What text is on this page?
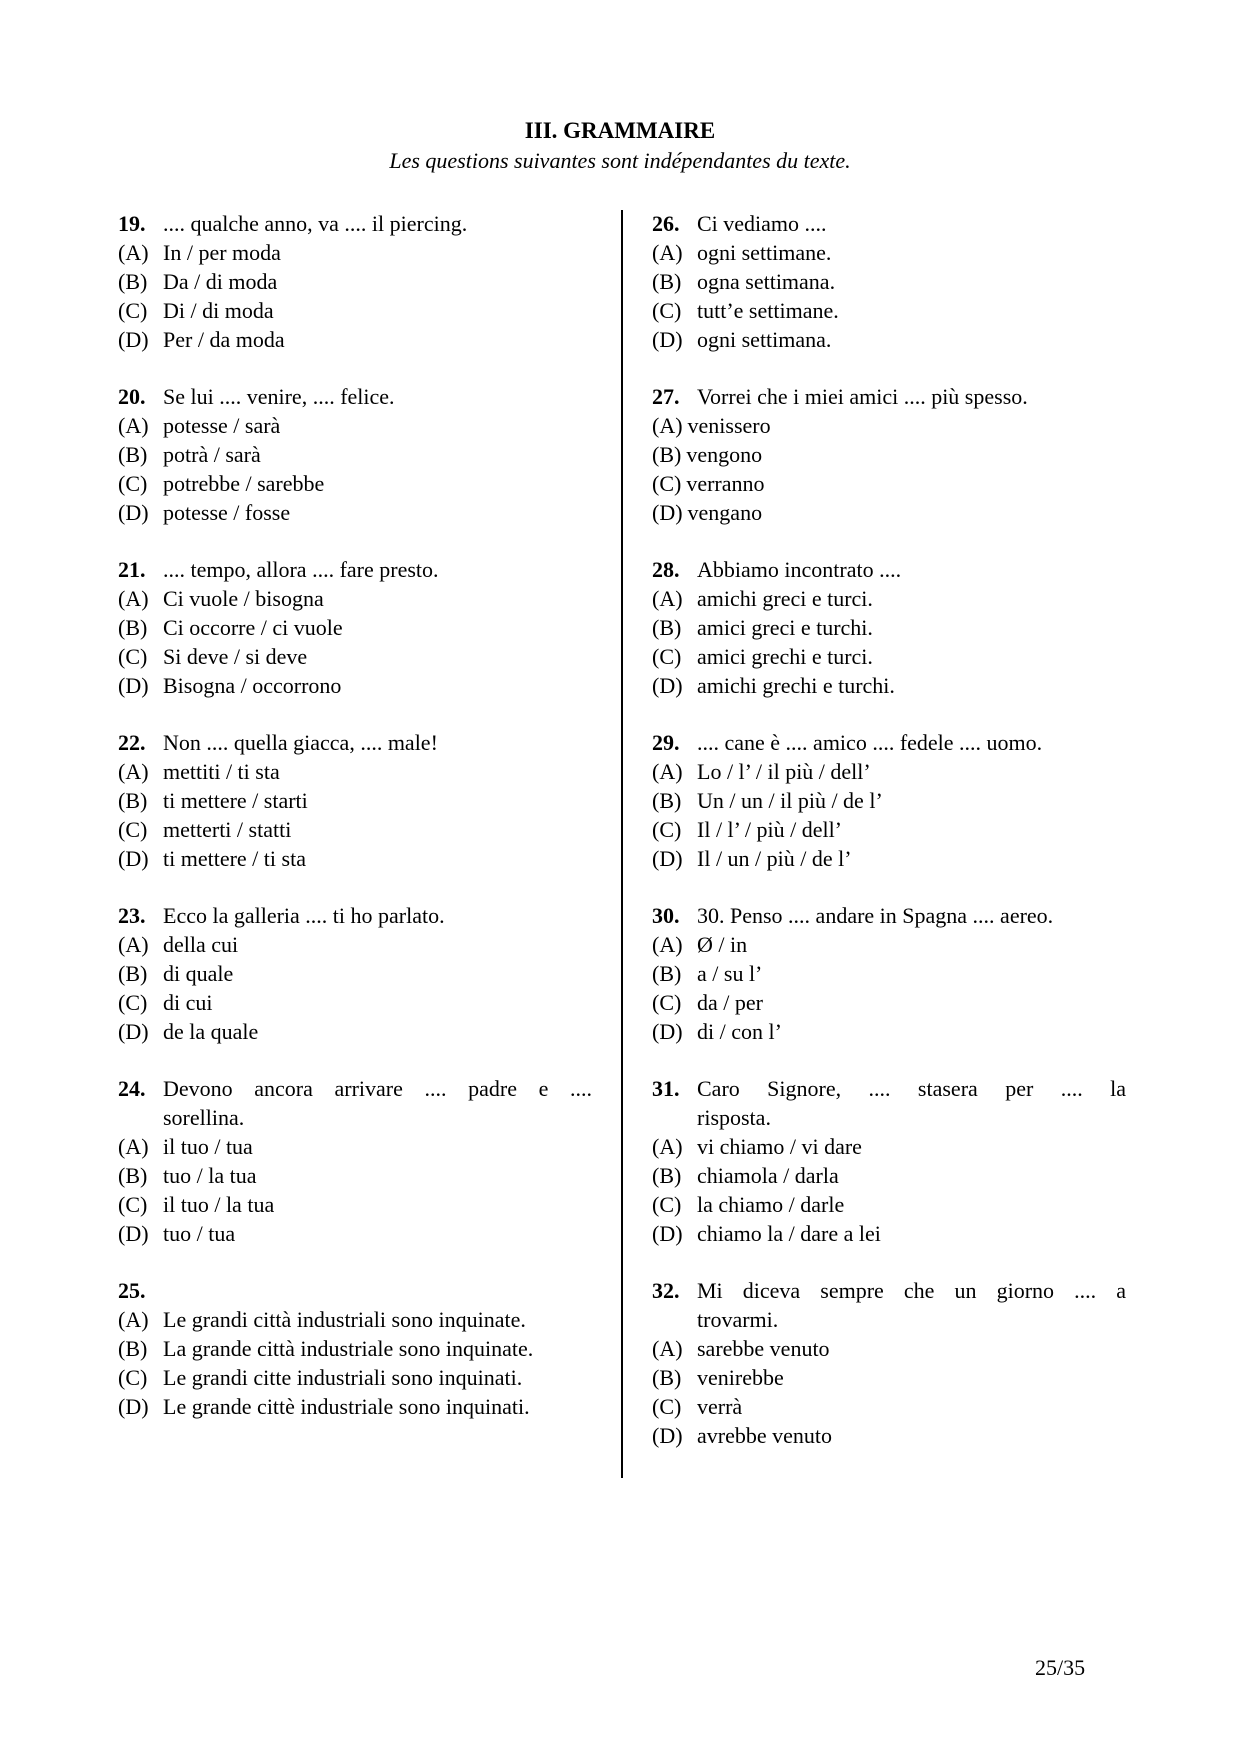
III. GRAMMAIRE
Les questions suivantes sont indépendantes du texte.
19. .... qualche anno, va .... il piercing.
(A) In / per moda
(B) Da / di moda
(C) Di / di moda
(D) Per / da moda
20. Se lui .... venire, .... felice.
(A) potesse / sarà
(B) potrà / sarà
(C) potrebbe / sarebbe
(D) potesse / fosse
21. .... tempo, allora .... fare presto.
(A) Ci vuole / bisogna
(B) Ci occorre / ci vuole
(C) Si deve / si deve
(D) Bisogna / occorrono
22. Non .... quella giacca, .... male!
(A) mettiti / ti sta
(B) ti mettere / starti
(C) metterti / statti
(D) ti mettere / ti sta
23. Ecco la galleria .... ti ho parlato.
(A) della cui
(B) di quale
(C) di cui
(D) de la quale
24. Devono ancora arrivare .... padre e ....
sorellina.
(A) il tuo / tua
(B) tuo / la tua
(C) il tuo / la tua
(D) tuo / tua
25.
(A) Le grandi città industriali sono inquinate.
(B) La grande città industriale sono inquinate.
(C) Le grandi citte industriali sono inquinati.
(D) Le grande cittè industriale sono inquinati.
26. Ci vediamo ....
(A) ogni settimane.
(B) ogna settimana.
(C) tutt’e settimane.
(D) ogni settimana.
27. Vorrei che i miei amici .... più spesso.
(A) venissero
(B) vengono
(C) verranno
(D) vengano
28. Abbiamo incontrato ....
(A) amichi greci e turci.
(B) amici greci e turchi.
(C) amici grechi e turci.
(D) amichi grechi e turchi.
29. .... cane è .... amico .... fedele .... uomo.
(A) Lo / l’ / il più / dell’
(B) Un / un / il più / de l’
(C) Il / l’ / più / dell’
(D) Il / un / più / de l’
30. 30. Penso .... andare in Spagna .... aereo.
(A) Ø / in
(B) a / su l’
(C) da / per
(D) di / con l’
31. Caro Signore, .... stasera per .... la
risposta.
(A) vi chiamo / vi dare
(B) chiamola / darla
(C) la chiamo / darle
(D) chiamo la / dare a lei
32. Mi diceva sempre che un giorno .... a
trovarmi.
(A) sarebbe venuto
(B) venirebbe
(C) verrà
(D) avrebbe venuto
25/35
